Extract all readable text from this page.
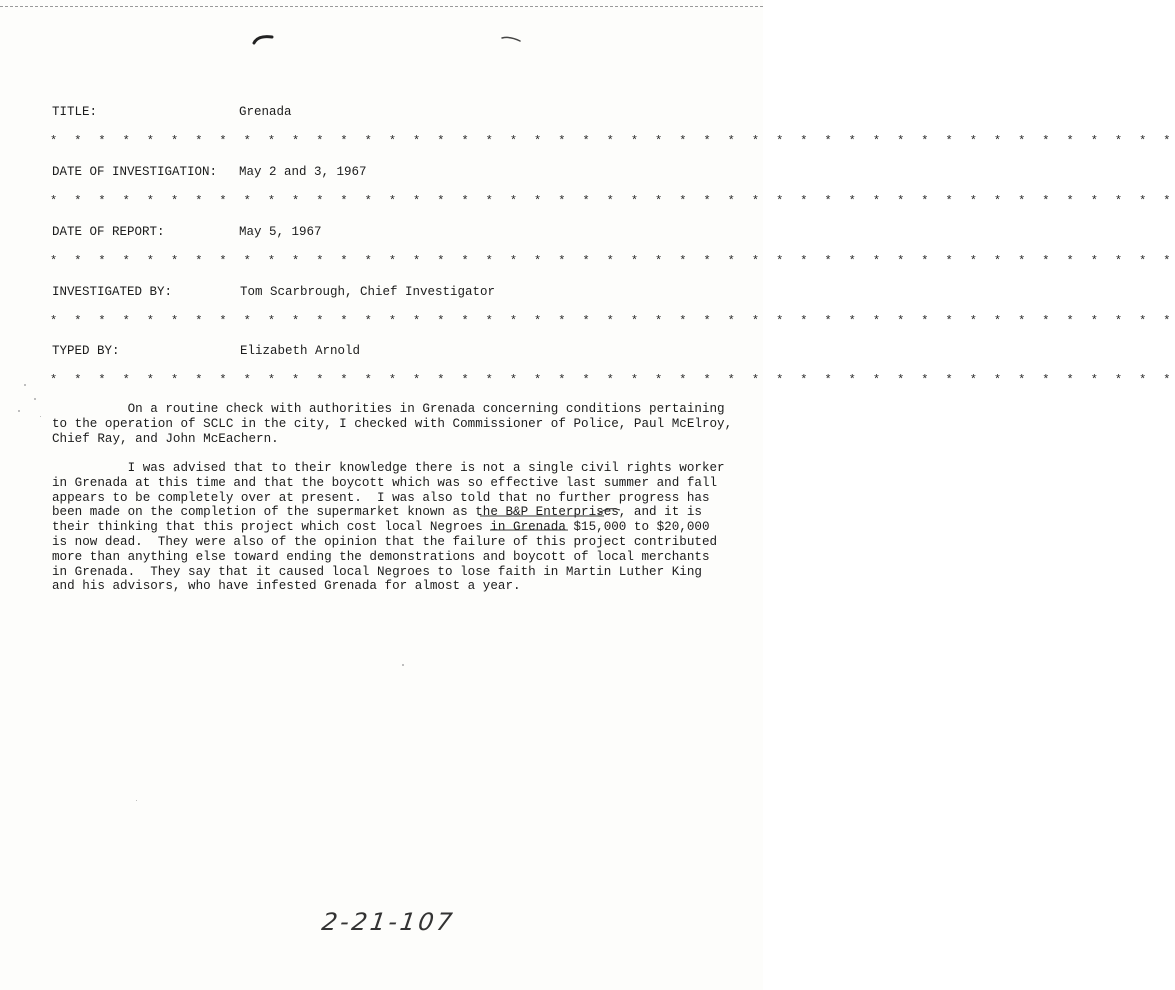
TITLE:	Grenada
* * * * * * * * * * * * * * * * * * * * * * * * * * * * * * * * * * * * * * * * * * * * * * *
DATE OF INVESTIGATION: May 2 and 3, 1967
* * * * * * * * * * * * * * * * * * * * * * * * * * * * * * * * * * * * * * * * * * * * * * *
DATE OF REPORT:	May 5, 1967
* * * * * * * * * * * * * * * * * * * * * * * * * * * * * * * * * * * * * * * * * * * * * * *
INVESTIGATED BY:	Tom Scarbrough, Chief Investigator
* * * * * * * * * * * * * * * * * * * * * * * * * * * * * * * * * * * * * * * * * * * * * * *
TYPED BY:	Elizabeth Arnold
* * * * * * * * * * * * * * * * * * * * * * * * * * * * * * * * * * * * * * * * * * * * * * *

On a routine check with authorities in Grenada concerning conditions pertaining

to the operation of SCLC in the city, I checked with Commissioner of Police, Paul McElroy,

Chief Ray, and John McEachern.

I was advised that to their knowledge there is not a single civil rights worker

in Grenada at this time and that the boycott which was so effective last summer and fall

appears to be completely over at present.  I was also told that no further progress has

been made on the completion of the supermarket known as the B&P Enterprises, and it is

their thinking that this project which cost local Negroes in Grenada $15,000 to $20,000

is now dead.  They were also of the opinion that the failure of this project contributed

more than anything else toward ending the demonstrations and boycott of local merchants

in Grenada.  They say that it caused local Negroes to lose faith in Martin Luther King

and his advisors, who have infested Grenada for almost a year.

2-21-107
